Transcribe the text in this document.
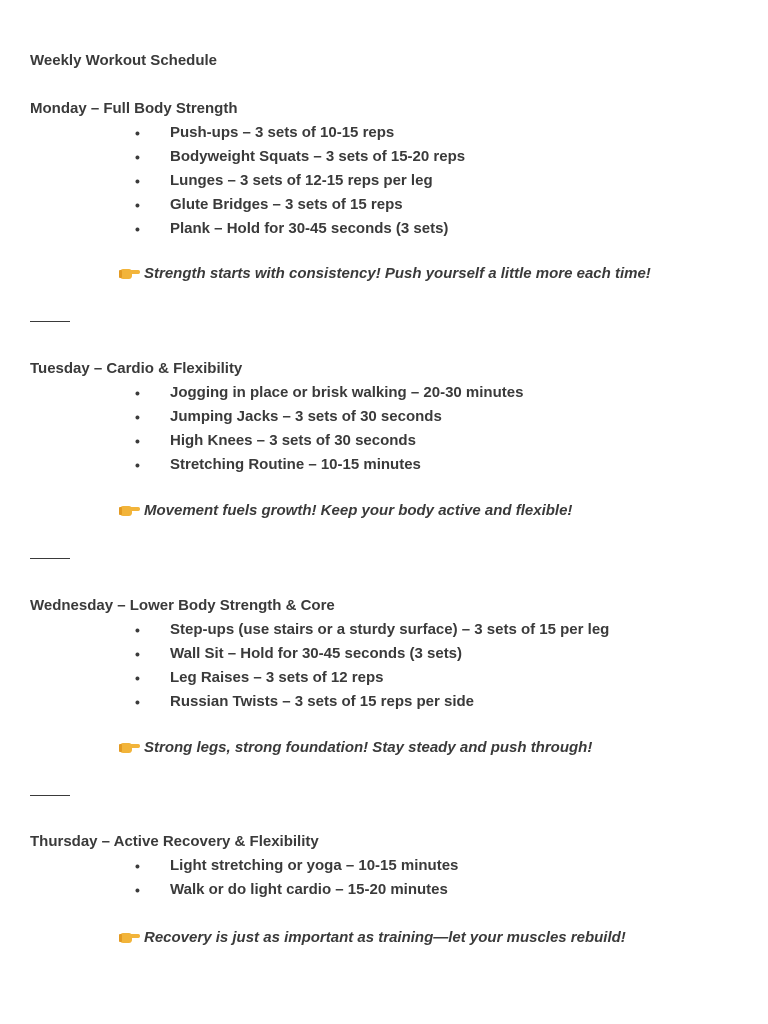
Weekly Workout Schedule
Monday – Full Body Strength
• Push-ups – 3 sets of 10-15 reps
• Bodyweight Squats – 3 sets of 15-20 reps
• Lunges – 3 sets of 12-15 reps per leg
• Glute Bridges – 3 sets of 15 reps
• Plank – Hold for 30-45 seconds (3 sets)
Strength starts with consistency! Push yourself a little more each time!
Tuesday – Cardio & Flexibility
• Jogging in place or brisk walking – 20-30 minutes
• Jumping Jacks – 3 sets of 30 seconds
• High Knees – 3 sets of 30 seconds
• Stretching Routine – 10-15 minutes
Movement fuels growth! Keep your body active and flexible!
Wednesday – Lower Body Strength & Core
• Step-ups (use stairs or a sturdy surface) – 3 sets of 15 per leg
• Wall Sit – Hold for 30-45 seconds (3 sets)
• Leg Raises – 3 sets of 12 reps
• Russian Twists – 3 sets of 15 reps per side
Strong legs, strong foundation! Stay steady and push through!
Thursday – Active Recovery & Flexibility
• Light stretching or yoga – 10-15 minutes
• Walk or do light cardio – 15-20 minutes
Recovery is just as important as training—let your muscles rebuild!
